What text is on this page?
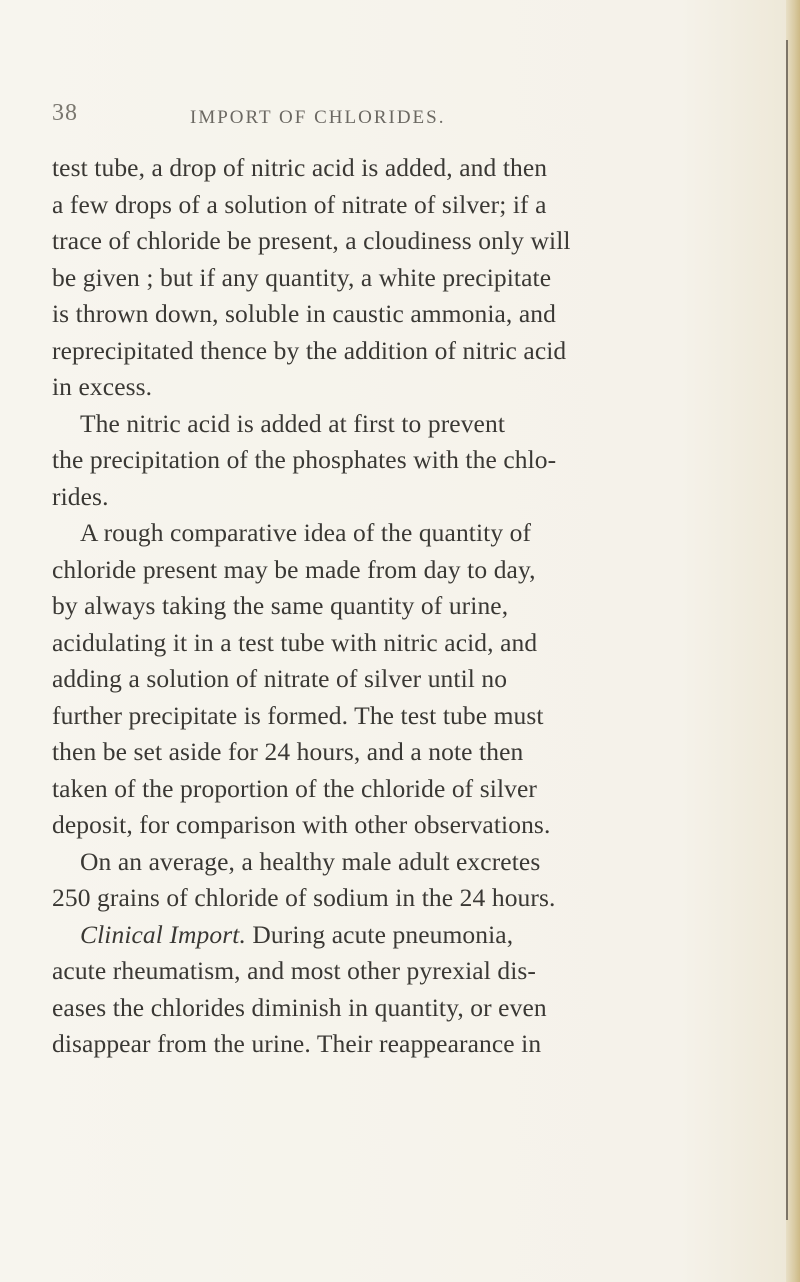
38	IMPORT OF CHLORIDES.
test tube, a drop of nitric acid is added, and then
a few drops of a solution of nitrate of silver; if a
trace of chloride be present, a cloudiness only will
be given ; but if any quantity, a white precipitate
is thrown down, soluble in caustic ammonia, and
reprecipitated thence by the addition of nitric acid
in excess.
The nitric acid is added at first to prevent
the precipitation of the phosphates with the chlo-
rides.
A rough comparative idea of the quantity of
chloride present may be made from day to day,
by always taking the same quantity of urine,
acidulating it in a test tube with nitric acid, and
adding a solution of nitrate of silver until no
further precipitate is formed. The test tube must
then be set aside for 24 hours, and a note then
taken of the proportion of the chloride of silver
deposit, for comparison with other observations.
On an average, a healthy male adult excretes
250 grains of chloride of sodium in the 24 hours.
Clinical Import. During acute pneumonia,
acute rheumatism, and most other pyrexial dis-
eases the chlorides diminish in quantity, or even
disappear from the urine. Their reappearance in
